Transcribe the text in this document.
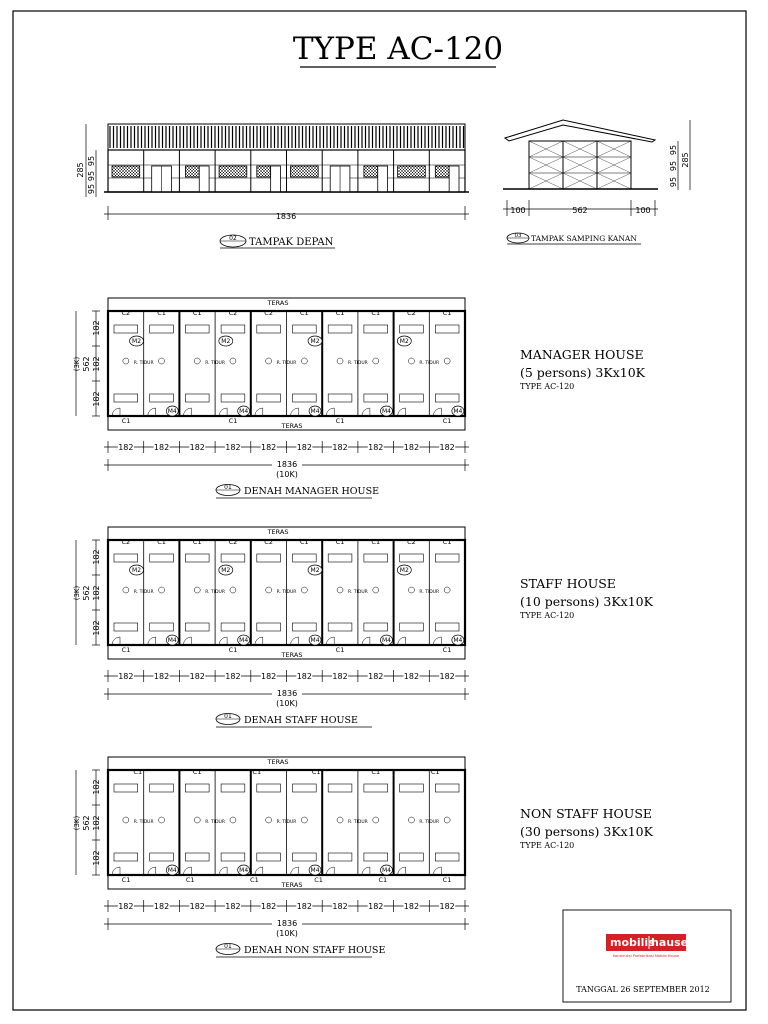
TYPE AC-120
95
95
95
285
1836
02 TAMPAK DEPAN
95
95
95
285
100	562	100
03 TAMPAK SAMPING KANAN
TERAS
TERAS
R. TIDUR	R. TIDUR	R. TIDUR	R. TIDUR	R. TIDUR
M2	M2	M2	M2
M4	M4	M4	M4	M4
C2	C1	C1	C2	C2	C1	C1	C1	C2	C1
C1	C1	C1	C1
182
182
182
562
(3K)
182	182	182	182	182	182	182	182	182	182
1836
(10K)
01 DENAH MANAGER HOUSE
MANAGER HOUSE
(5 persons) 3Kx10K
TYPE AC-120
TERAS
TERAS
R. TIDUR	R. TIDUR	R. TIDUR	R. TIDUR	R. TIDUR
M2	M2	M2	M2
M4	M4	M4	M4	M4
C2	C1	C1	C2	C2	C1	C1	C1	C2	C1
C1	C1	C1	C1
182
182
182
562
(3K)
182	182	182	182	182	182	182	182	182	182
1836
(10K)
01 DENAH STAFF HOUSE
STAFF HOUSE
(10 persons) 3Kx10K
TYPE AC-120
TERAS
TERAS
R. TIDUR	R. TIDUR	R. TIDUR	R. TIDUR	R. TIDUR
M4	M4	M4	M4
C1	C1	C1	C1	C1	C1
C1	C1	C1	C1	C1	C1
182
182
182
562
(3K)
182	182	182	182	182	182	182	182	182	182
1836
(10K)
01 DENAH NON STAFF HOUSE
NON STAFF HOUSE
(30 persons) 3Kx10K
TYPE AC-120
mobilis
hausen
Konstruksi Prefabrikasi Mobile House
TANGGAL 26 SEPTEMBER 2012
